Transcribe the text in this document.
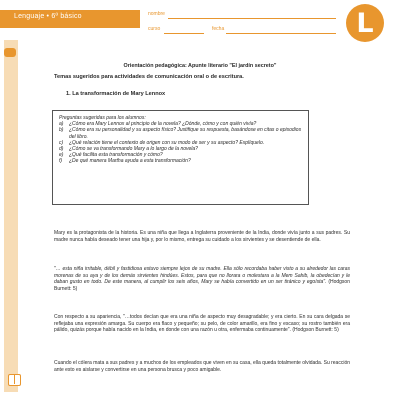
Lenguaje • 6º básico	nombre
curso	fecha	L
Orientación pedagógica: Apunte literario "El jardín secreto"
Temas sugeridos para actividades de comunicación oral o de escritura.
1. La transformación de Mary Lennox

Preguntas sugeridas para los alumnos:

a)	¿Cómo era Mary Lennox al principio de la novela? ¿Dónde, cómo y con quién vivía?
b)	¿Cómo era su personalidad y su aspecto físico? Justifique su respuesta, basándose en citas o episodios del libro.
c)	¿Qué relación tiene el contexto de origen con su modo de ser y su aspecto? Explíquelo.
d)	¿Cómo se va transformando Mary a lo largo de la novela?
e)	¿Qué facilita esta transformación y cómo?
f)	¿De qué manera Martha ayuda a esta transformación?
Mary es la protagonista de la historia. Es una niña que llega a Inglaterra proveniente de la India, donde vivía junto a sus padres. Su madre nunca había deseado tener una hija y, por lo mismo, entrega su cuidado a los sirvientes y se desentiende de ella.
"… esta niña irritable, débil y fastidiosa estuvo siempre lejos de su madre. Ella sólo recordaba haber visto a su alrededor las caras morenas de su aya y de los demás sirvientes hindúes. Estos, para que no llorara o molestara a la Mem Sahib, la obedecían y le daban gusto en todo. De este manera, al cumplir los seis años, Mary se había convertido en un ser tiránico y egoísta". (Hodgson Burnett: 5)
Con respecto a su apariencia, "…todos decían que era una niña de aspecto muy desagradable; y era cierto. En su cara delgada se reflejaba una expresión amarga. Su cuerpo era flaco y pequeño; su pelo, de color amarillo, era fino y escaso; su rostro también era pálido, quizás porque había nacido en la India, en donde con una razón u otra, enfermaba continuamente". (Hodgson Burnett: 5)
Cuando el cólera mata a sus padres y a muchos de los empleados que viven en su casa, ella queda totalmente olvidada. Su reacción ante esto es aislarse y convertirse en una persona brusca y poco amigable.
